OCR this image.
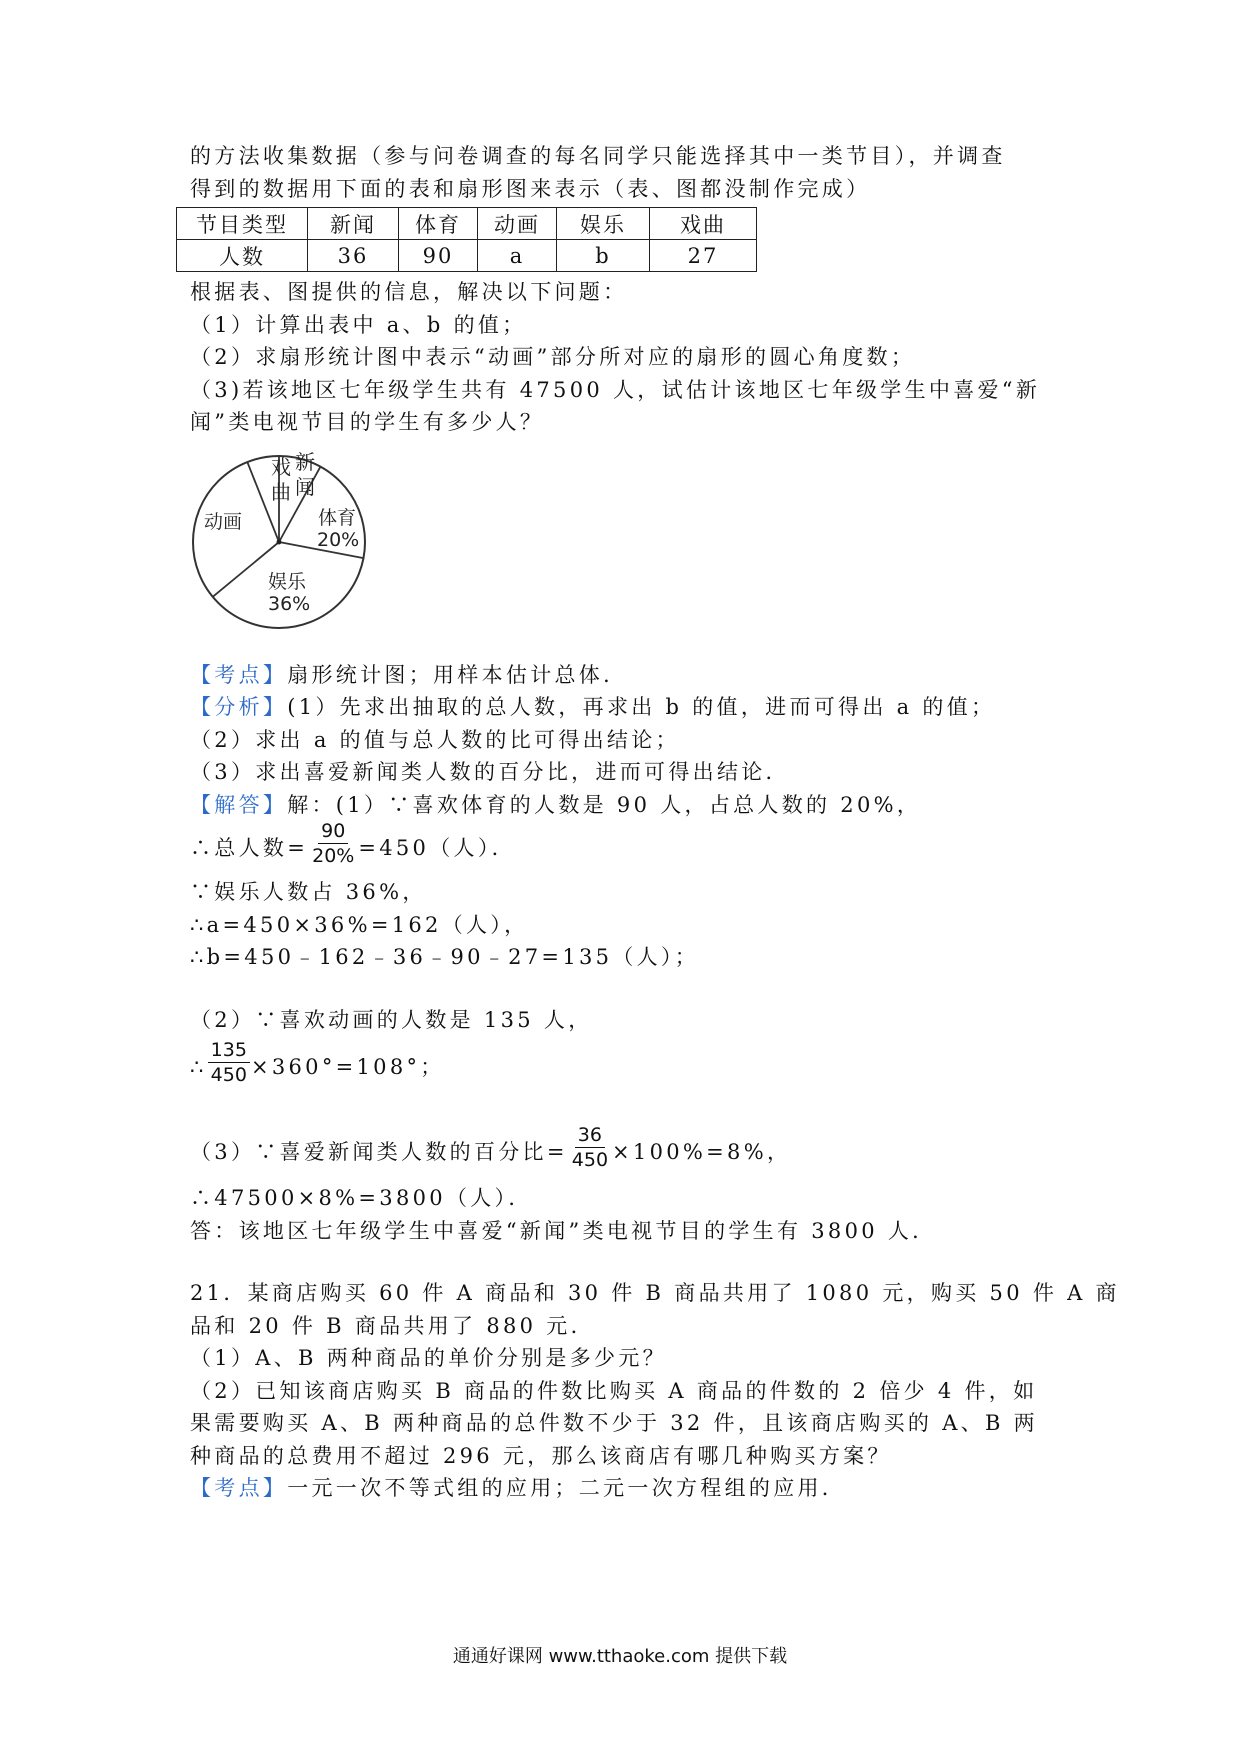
的方法收集数据（参与问卷调查的每名同学只能选择其中一类节目），并调查

得到的数据用下面的表和扇形图来表示（表、图都没制作完成）

节目类型	新闻	体育	动画	娱乐	戏曲
人数	36	90	a	b	27

根据表、图提供的信息，解决以下问题：

（1）计算出表中 a、b 的值；

（2）求扇形统计图中表示“动画”部分所对应的扇形的圆心角度数；

（3)若该地区七年级学生共有 47500 人，试估计该地区七年级学生中喜爱“新

闻”类电视节目的学生有多少人？

戏曲
新闻
动画	体育
20%
娱乐
36%

【考点】扇形统计图；用样本估计总体．

【分析】(1）先求出抽取的总人数，再求出 b 的值，进而可得出 a 的值；

（2）求出 a 的值与总人数的比可得出结论；

（3）求出喜爱新闻类人数的百分比，进而可得出结论．

【解答】解：(1）∵喜欢体育的人数是 90 人，占总人数的 20%，

∴总人数= $\frac{90}{20\%} =450$（人）．

∵娱乐人数占 36%，

∴a=450×36%=162（人），

∴b=450﹣162﹣36﹣90﹣27=135（人）；

（2）∵喜欢动画的人数是 135 人，

∴ $\frac{135}{450} \times 360^\circ=108^\circ$；

（3）∵喜爱新闻类人数的百分比= $\frac{36}{450} \times 100\%=8\%$，

∴47500×8%=3800（人）．

答：该地区七年级学生中喜爱“新闻”类电视节目的学生有 3800 人．

21．某商店购买 60 件 A 商品和 30 件 B 商品共用了 1080 元，购买 50 件 A 商

品和 20 件 B 商品共用了 880 元．

（1）A、B 两种商品的单价分别是多少元？

（2）已知该商店购买 B 商品的件数比购买 A 商品的件数的 2 倍少 4 件，如

果需要购买 A、B 两种商品的总件数不少于 32 件，且该商店购买的 A、B 两

种商品的总费用不超过 296 元，那么该商店有哪几种购买方案？

【考点】一元一次不等式组的应用；二元一次方程组的应用．

通通好课网 www.tthaoke.com 提供下载
